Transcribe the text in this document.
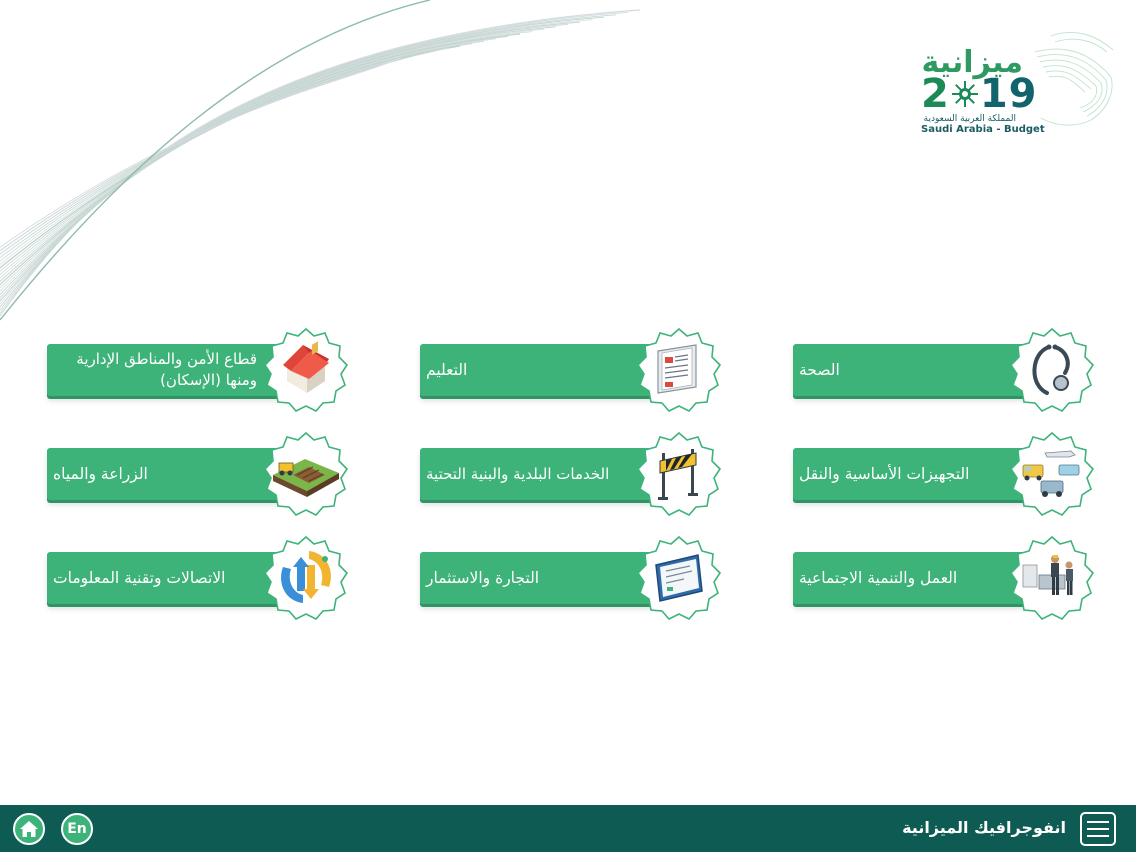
ميزانية
2 19
المملكة العربية السعودية
Saudi Arabia - Budget
الصحة
التعليم
قطاع الأمن والمناطق الإدارية ومنها (الإسكان)
التجهيزات الأساسية والنقل
الخدمات البلدية والبنية التحتية
الزراعة والمياه
العمل والتنمية الاجتماعية
التجارة والاستثمار
الاتصالات وتقنية المعلومات
En	انفوجرافيك الميزانية
